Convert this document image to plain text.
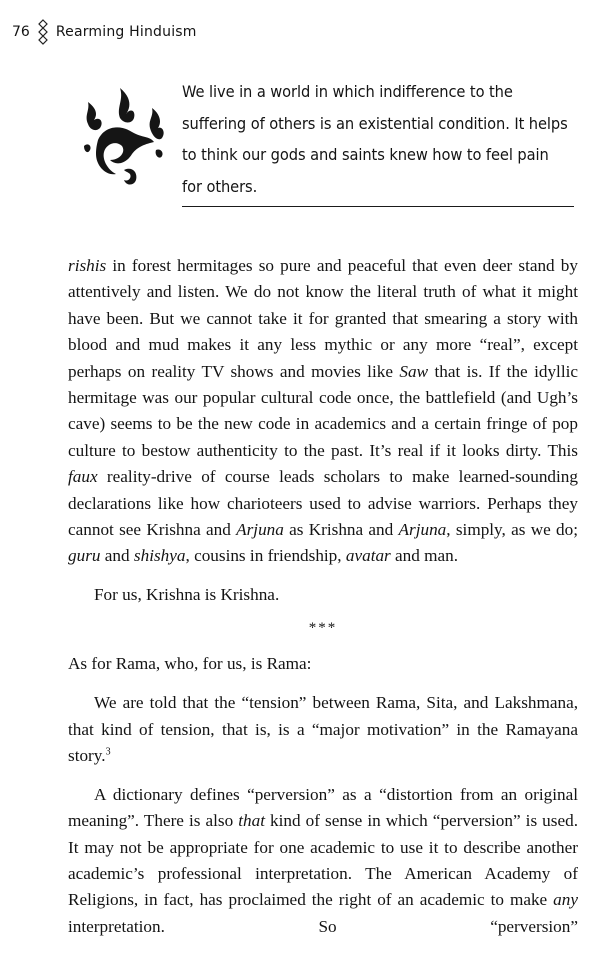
76 Rearming Hinduism
We live in a world in which indifference to the
suffering of others is an existential condition. It helps
to think our gods and saints knew how to feel pain
for others.

rishis in forest hermitages so pure and peaceful that even deer stand by attentively and listen. We do not know the literal truth of what it might have been. But we cannot take it for granted that smearing a story with blood and mud makes it any less mythic or any more “real”, except perhaps on reality TV shows and movies like Saw that is. If the idyllic hermitage was our popular cultural code once, the battlefield (and Ugh’s cave) seems to be the new code in academics and a certain fringe of pop culture to bestow authenticity to the past. It’s real if it looks dirty. This faux reality-drive of course leads scholars to make learned-sounding declarations like how charioteers used to advise warriors. Perhaps they cannot see Krishna and Arjuna as Krishna and Arjuna, simply, as we do; guru and shishya, cousins in friendship, avatar and man.

For us, Krishna is Krishna.

***

As for Rama, who, for us, is Rama:

We are told that the “tension” between Rama, Sita, and Lakshmana, that kind of tension, that is, is a “major motivation” in the Ramayana story.$^3$

A dictionary defines “perversion” as a “distortion from an original meaning”. There is also that kind of sense in which “perversion” is used. It may not be appropriate for one academic to use it to describe another academic’s professional interpretation. The American Academy of Religions, in fact, has proclaimed the right of an academic to make any interpretation. So “perversion”
